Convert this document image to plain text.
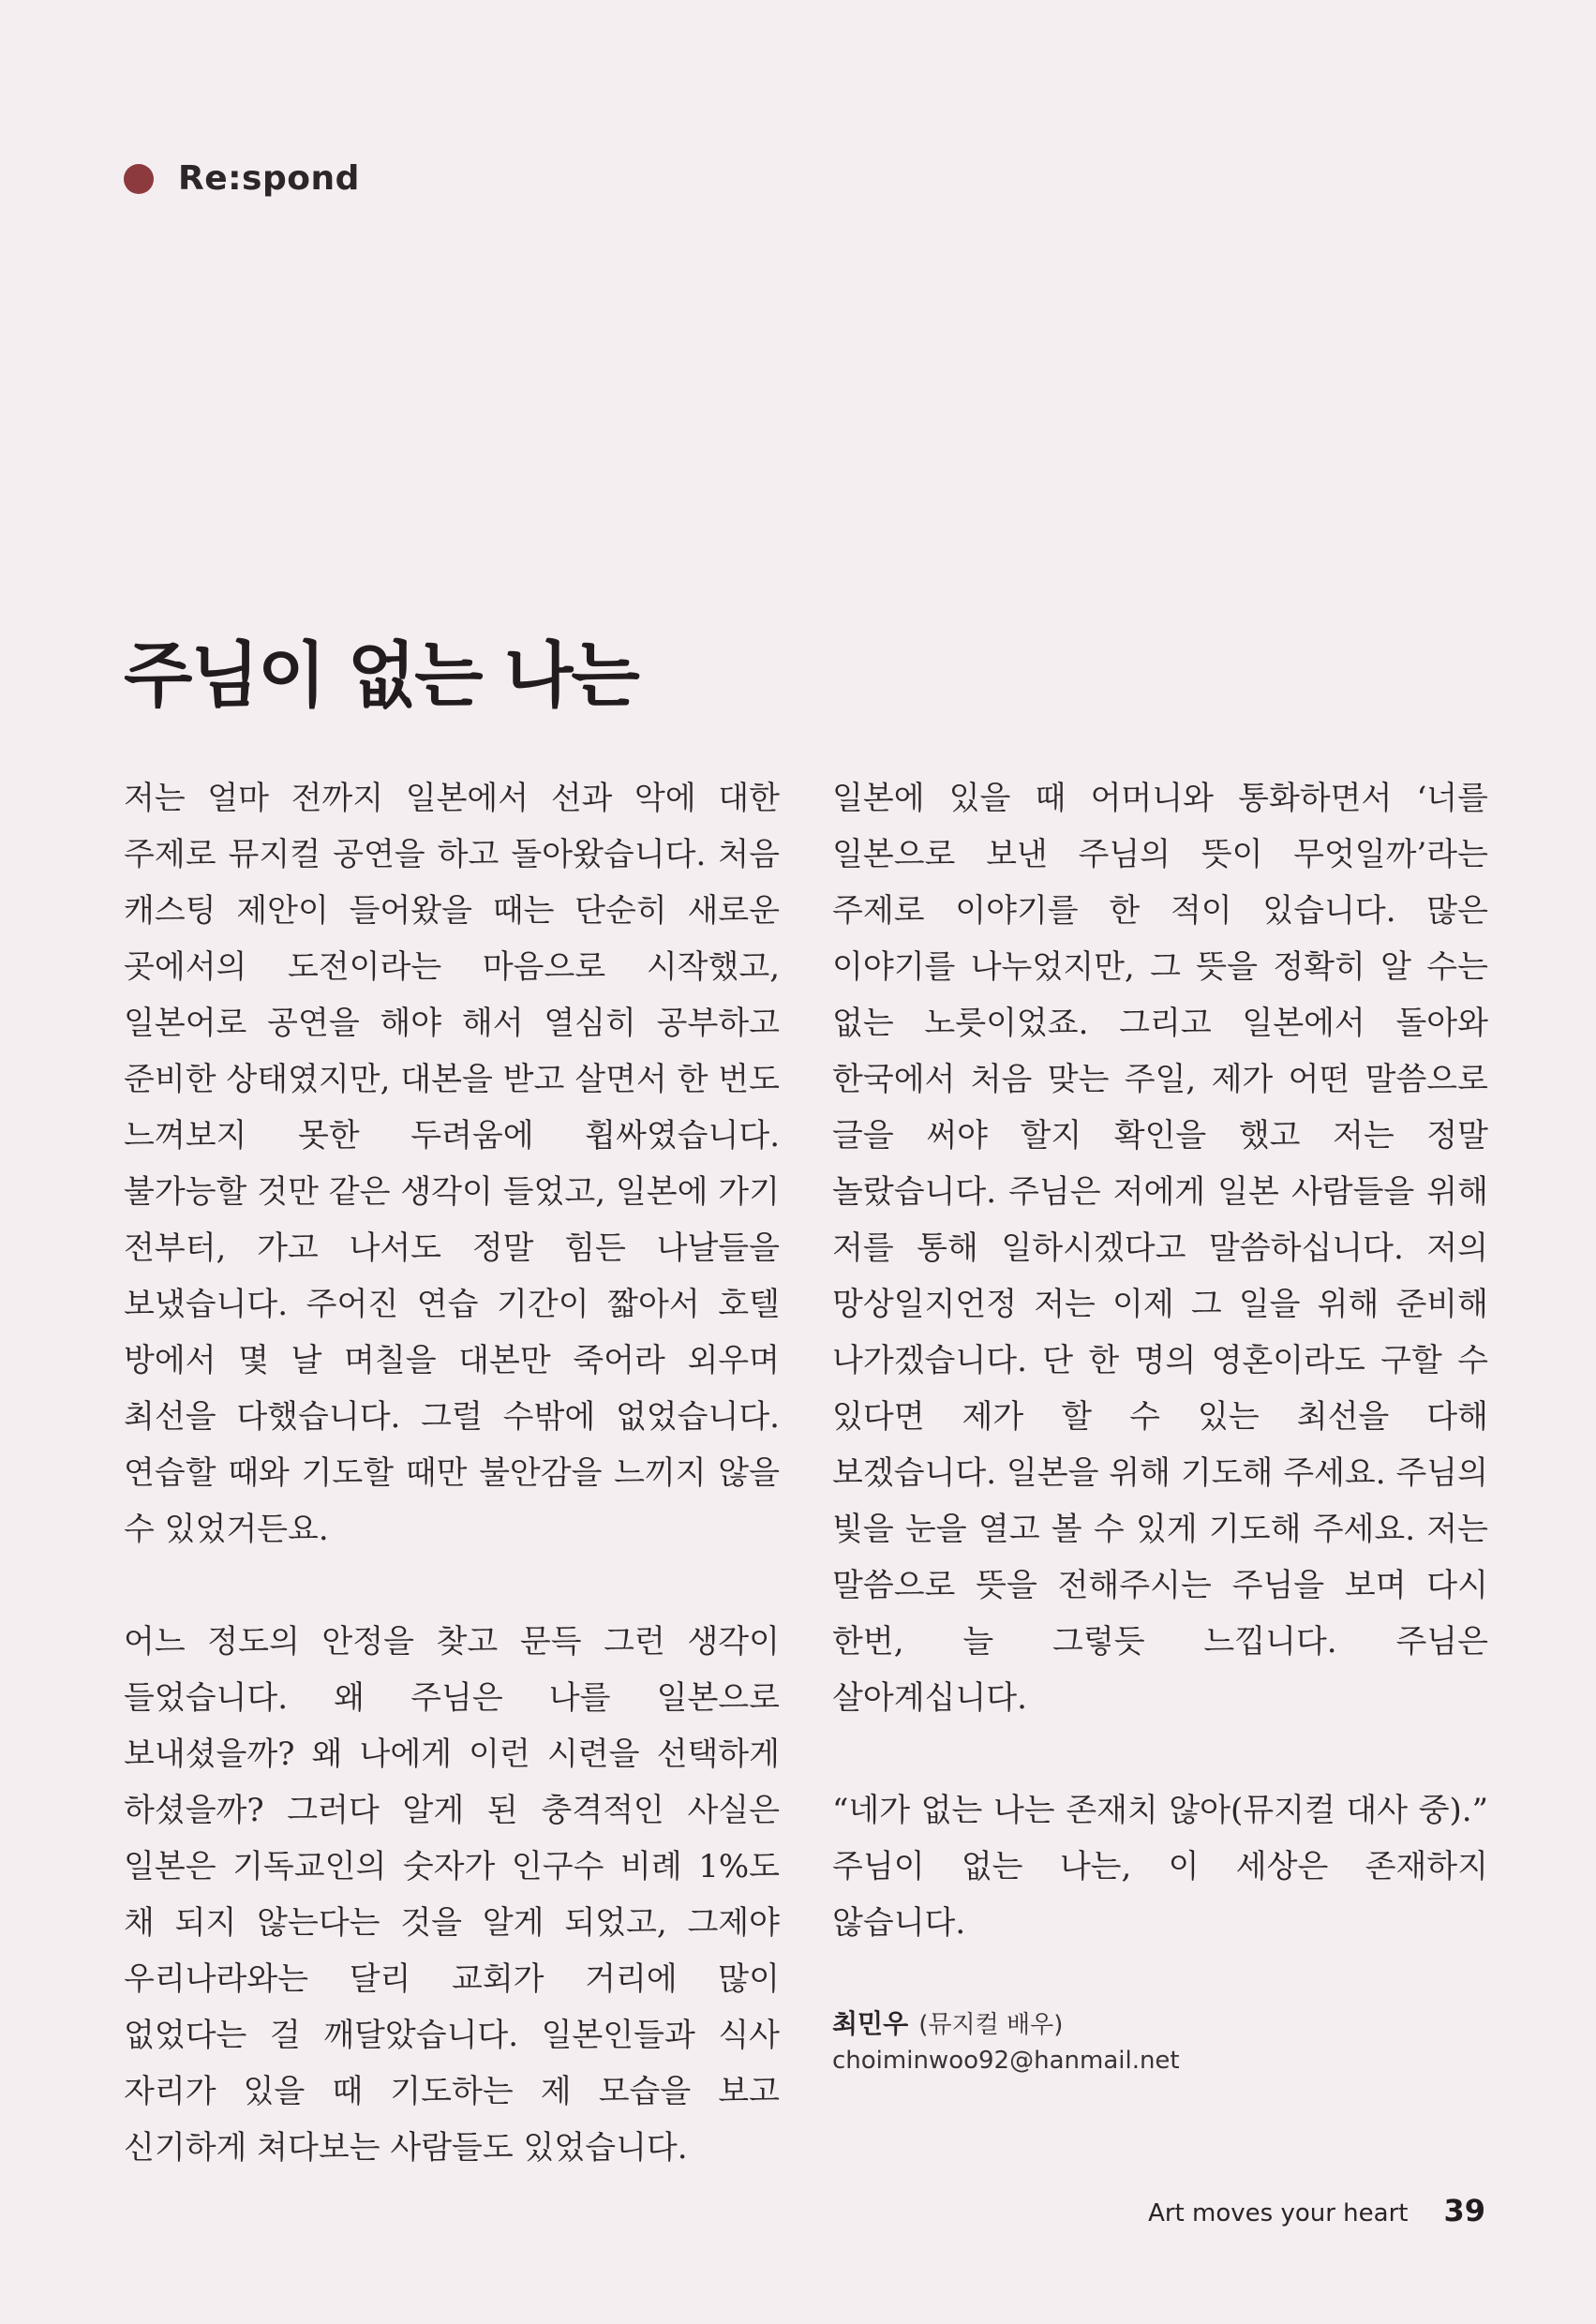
Re:spond
주님이 없는 나는

저는 얼마 전까지 일본에서 선과 악에 대한 주제로 뮤지컬 공연을 하고 돌아왔습니다. 처음 캐스팅 제안이 들어왔을 때는 단순히 새로운 곳에서의 도전이라는 마음으로 시작했고, 일본어로 공연을 해야 해서 열심히 공부하고 준비한 상태였지만, 대본을 받고 살면서 한 번도 느껴보지 못한 두려움에 휩싸였습니다. 불가능할 것만 같은 생각이 들었고, 일본에 가기 전부터, 가고 나서도 정말 힘든 나날들을 보냈습니다. 주어진 연습 기간이 짧아서 호텔 방에서 몇 날 며칠을 대본만 죽어라 외우며 최선을 다했습니다. 그럴 수밖에 없었습니다. 연습할 때와 기도할 때만 불안감을 느끼지 않을 수 있었거든요.

어느 정도의 안정을 찾고 문득 그런 생각이 들었습니다. 왜 주님은 나를 일본으로 보내셨을까? 왜 나에게 이런 시련을 선택하게 하셨을까? 그러다 알게 된 충격적인 사실은 일본은 기독교인의 숫자가 인구수 비례 1%도 채 되지 않는다는 것을 알게 되었고, 그제야 우리나라와는 달리 교회가 거리에 많이 없었다는 걸 깨달았습니다. 일본인들과 식사 자리가 있을 때 기도하는 제 모습을 보고 신기하게 쳐다보는 사람들도 있었습니다.

일본에 있을 때 어머니와 통화하면서 ‘너를 일본으로 보낸 주님의 뜻이 무엇일까’라는 주제로 이야기를 한 적이 있습니다. 많은 이야기를 나누었지만, 그 뜻을 정확히 알 수는 없는 노릇이었죠. 그리고 일본에서 돌아와 한국에서 처음 맞는 주일, 제가 어떤 말씀으로 글을 써야 할지 확인을 했고 저는 정말 놀랐습니다. 주님은 저에게 일본 사람들을 위해 저를 통해 일하시겠다고 말씀하십니다. 저의 망상일지언정 저는 이제 그 일을 위해 준비해 나가겠습니다. 단 한 명의 영혼이라도 구할 수 있다면 제가 할 수 있는 최선을 다해 보겠습니다. 일본을 위해 기도해 주세요. 주님의 빛을 눈을 열고 볼 수 있게 기도해 주세요. 저는 말씀으로 뜻을 전해주시는 주님을 보며 다시 한번, 늘 그렇듯 느낍니다. 주님은 살아계십니다.

“네가 없는 나는 존재치 않아(뮤지컬 대사 중).” 주님이 없는 나는, 이 세상은 존재하지 않습니다.

최민우 (뮤지컬 배우)
choiminwoo92@hanmail.net
Art moves your heart 39
